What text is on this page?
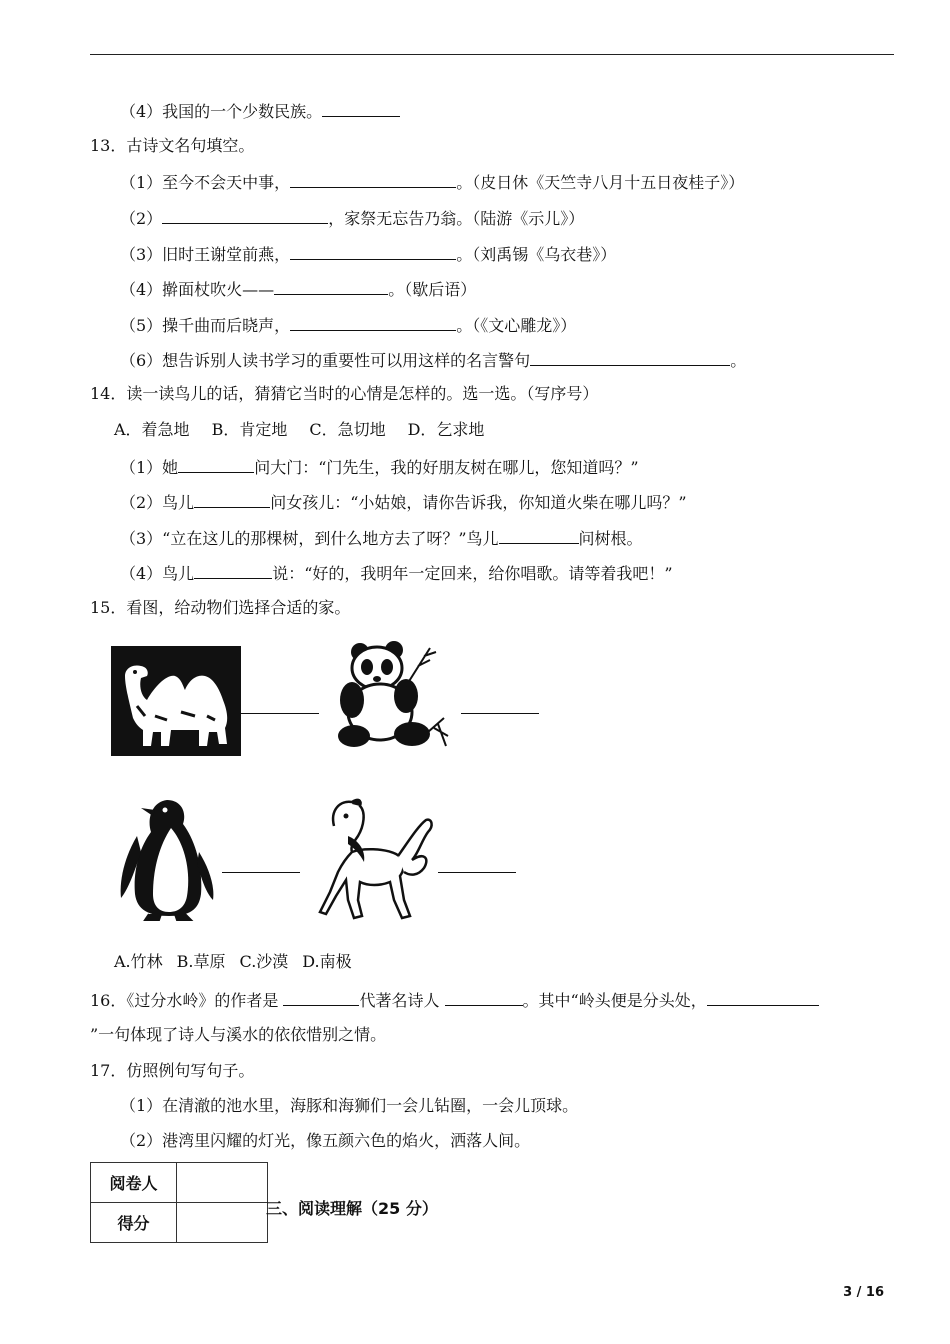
（4）我国的一个少数民族。
13．古诗文名句填空。
（1）至今不会天中事，	。（皮日休《天竺寺八月十五日夜桂子》）
（2）	，家祭无忘告乃翁。（陆游《示儿》）
（3）旧时王谢堂前燕，	。（刘禹锡《乌衣巷》）
（4）擀面杖吹火——	。（歇后语）
（5）操千曲而后晓声，	。（《文心雕龙》）
（6）想告诉别人读书学习的重要性可以用这样的名言警句	。
14．读一读鸟儿的话，猜猜它当时的心情是怎样的。选一选。（写序号）
A．着急地 B．肯定地 C．急切地 D．乞求地
（1）她	问大门：“门先生，我的好朋友树在哪儿，您知道吗？”
（2）鸟儿	问女孩儿：“小姑娘，请你告诉我，你知道火柴在哪儿吗？”
（3）“立在这儿的那棵树，到什么地方去了呀？”鸟儿	问树根。
（4）鸟儿	说：“好的，我明年一定回来，给你唱歌。请等着我吧！”
15．看图，给动物们选择合适的家。
A.竹林 B.草原 C.沙漠 D.南极
16．《过分水岭》的作者是	代著名诗人	。其中“岭头便是分头处，
”一句体现了诗人与溪水的依依惜别之情。
17．仿照例句写句子。
（1）在清澈的池水里，海豚和海狮们一会儿钻圈，一会儿顶球。
（2）港湾里闪耀的灯光，像五颜六色的焰火，洒落人间。
阅卷人	
得分	
三、阅读理解（25 分）
3 / 16
